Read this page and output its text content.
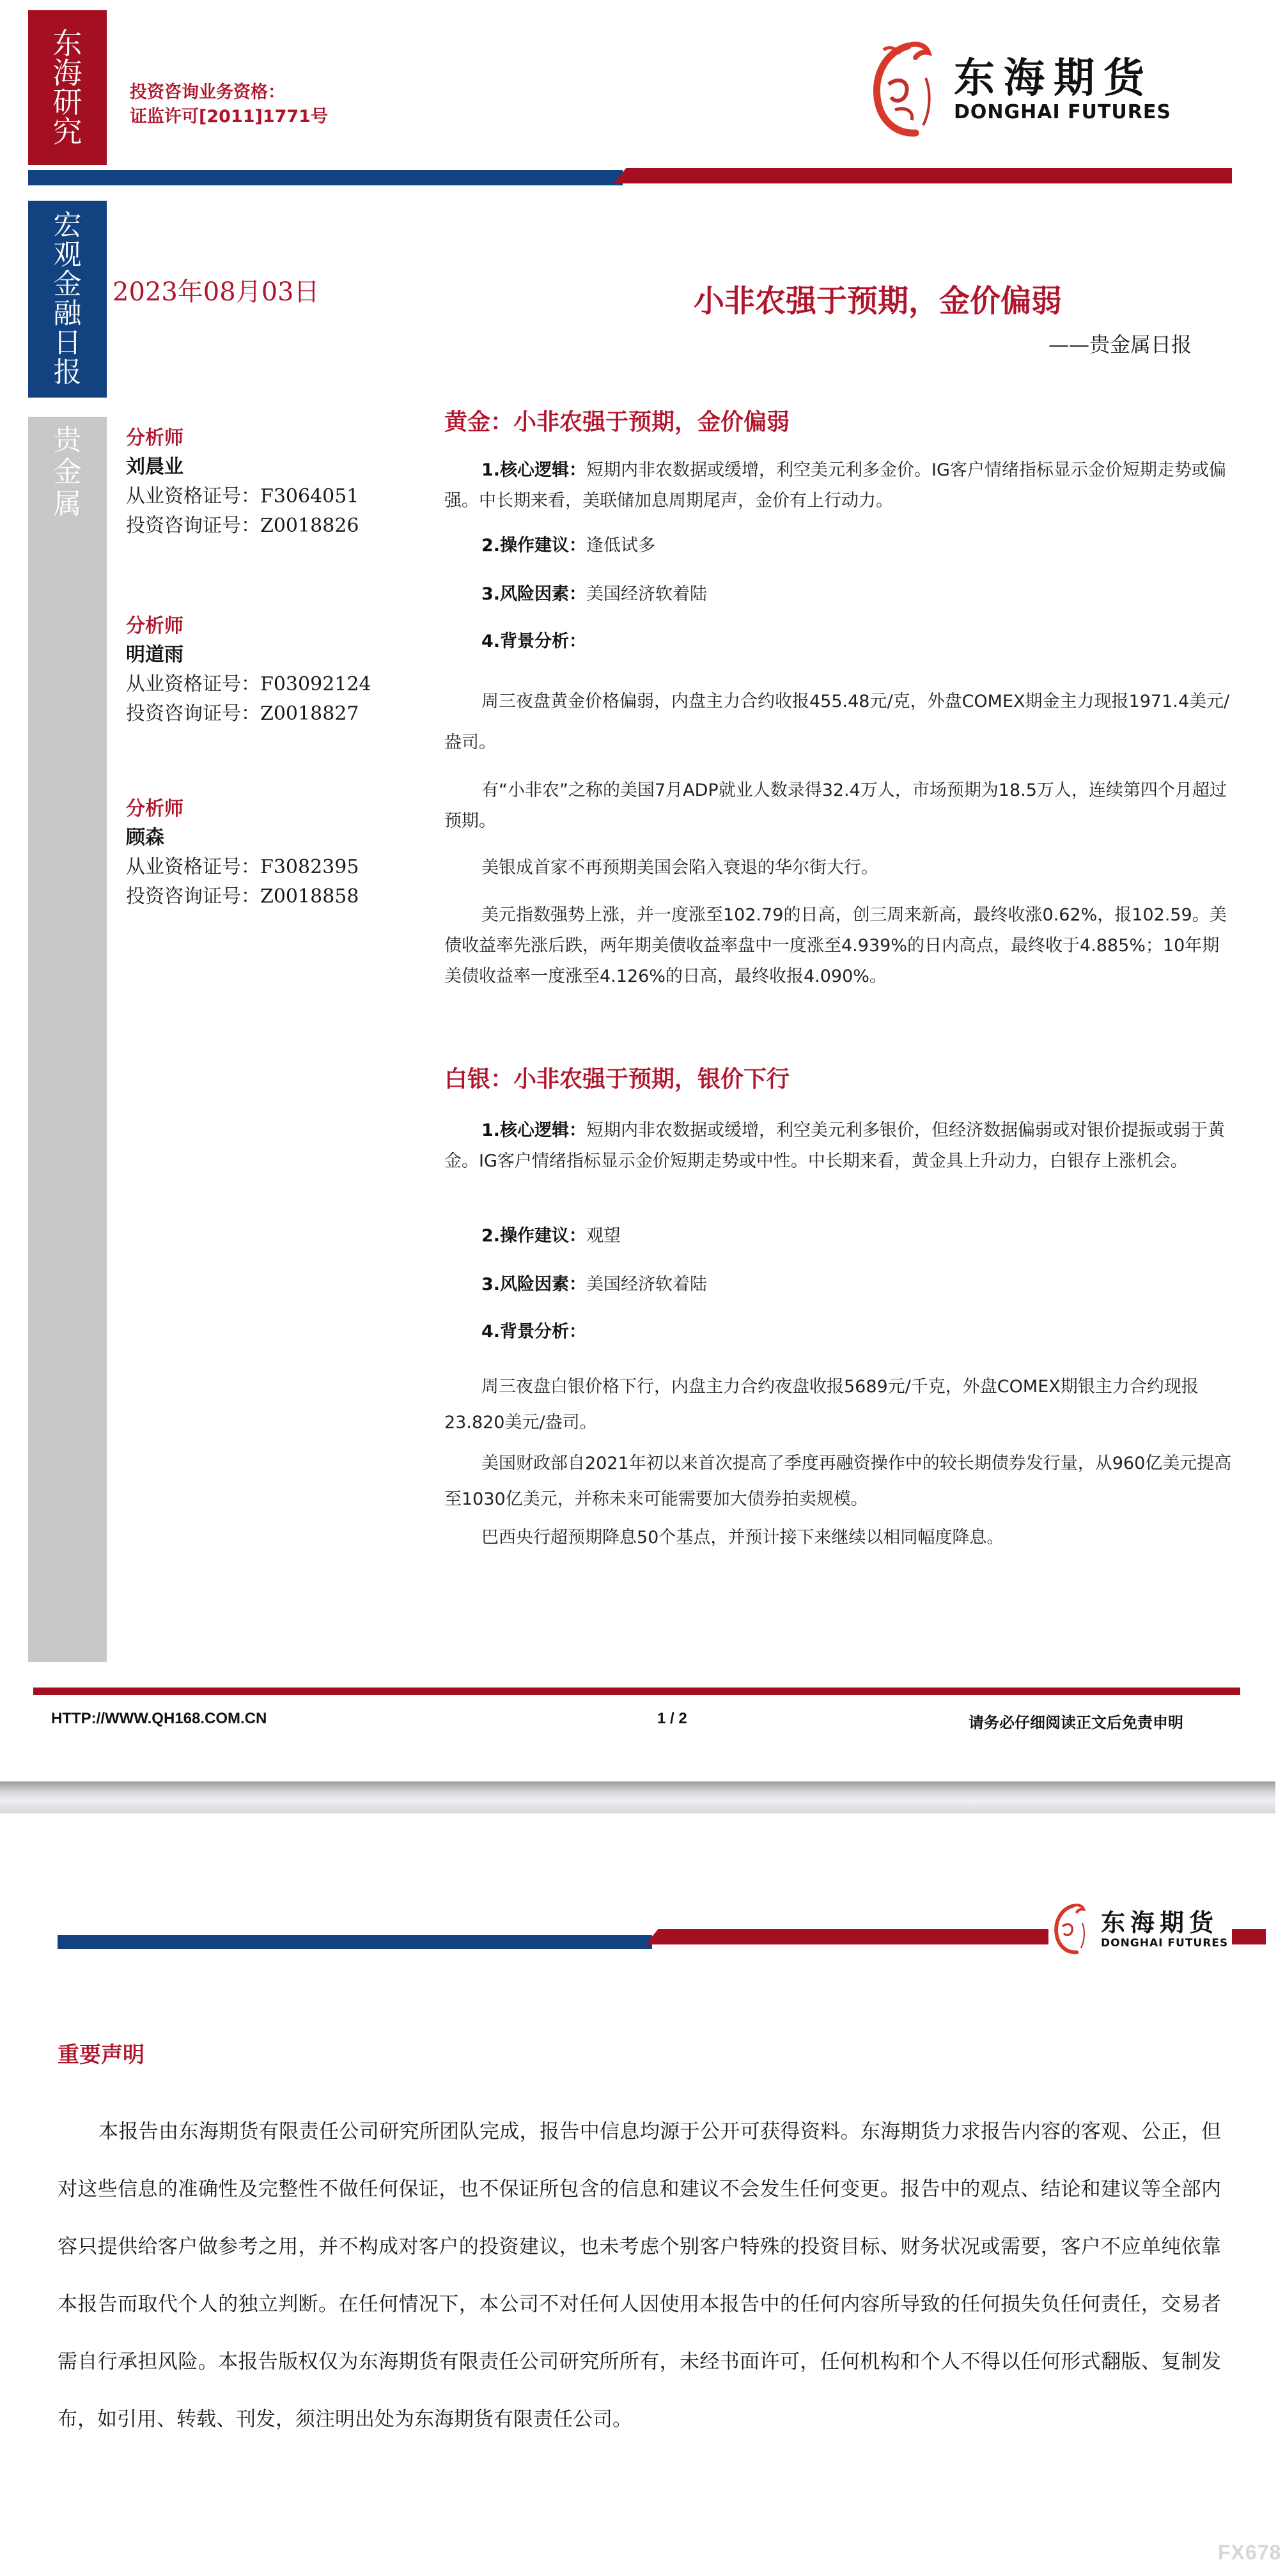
东
海
研
究
投资咨询业务资格：
证监许可[2011]1771号
东海期货
DONGHAI FUTURES
宏
观
金
融
日
报
贵
金
属
2023年08月03日	小非农强于预期，金价偏弱
——贵金属日报
分析师
刘晨业
从业资格证号：F3064051
投资咨询证号：Z0018826
分析师
明道雨
从业资格证号：F03092124
投资咨询证号：Z0018827
分析师
顾森
从业资格证号：F3082395
投资咨询证号：Z0018858
黄金：小非农强于预期，金价偏弱
1.核心逻辑：短期内非农数据或缓增，利空美元利多金价。IG客户情绪指标显示金价短期走势或偏强。中长期来看，美联储加息周期尾声，金价有上行动力。
2.操作建议：逢低试多
3.风险因素：美国经济软着陆
4.背景分析：
周三夜盘黄金价格偏弱，内盘主力合约收报455.48元/克，外盘COMEX期金主力现报1971.4美元/盎司。
有“小非农”之称的美国7月ADP就业人数录得32.4万人，市场预期为18.5万人，连续第四个月超过预期。
美银成首家不再预期美国会陷入衰退的华尔街大行。
美元指数强势上涨，并一度涨至102.79的日高，创三周来新高，最终收涨0.62%，报102.59。美债收益率先涨后跌，两年期美债收益率盘中一度涨至4.939%的日内高点，最终收于4.885%；10年期美债收益率一度涨至4.126%的日高，最终收报4.090%。
白银：小非农强于预期，银价下行
1.核心逻辑：短期内非农数据或缓增，利空美元利多银价，但经济数据偏弱或对银价提振或弱于黄金。IG客户情绪指标显示金价短期走势或中性。中长期来看，黄金具上升动力，白银存上涨机会。
2.操作建议：观望
3.风险因素：美国经济软着陆
4.背景分析：
周三夜盘白银价格下行，内盘主力合约夜盘收报5689元/千克，外盘COMEX期银主力合约现报23.820美元/盎司。
美国财政部自2021年初以来首次提高了季度再融资操作中的较长期债券发行量，从960亿美元提高至1030亿美元，并称未来可能需要加大债券拍卖规模。
巴西央行超预期降息50个基点，并预计接下来继续以相同幅度降息。
HTTP://WWW.QH168.COM.CN	1 / 2	请务必仔细阅读正文后免责申明
东海期货
DONGHAI FUTURES
重要声明
本报告由东海期货有限责任公司研究所团队完成，报告中信息均源于公开可获得资料。东海期货力求报告内容的客观、公正，但对这些信息的准确性及完整性不做任何保证，也不保证所包含的信息和建议不会发生任何变更。报告中的观点、结论和建议等全部内容只提供给客户做参考之用，并不构成对客户的投资建议，也未考虑个别客户特殊的投资目标、财务状况或需要，客户不应单纯依靠本报告而取代个人的独立判断。在任何情况下，本公司不对任何人因使用本报告中的任何内容所导致的任何损失负任何责任，交易者需自行承担风险。本报告版权仅为东海期货有限责任公司研究所所有，未经书面许可，任何机构和个人不得以任何形式翻版、复制发布，如引用、转载、刊发，须注明出处为东海期货有限责任公司。
FX678
